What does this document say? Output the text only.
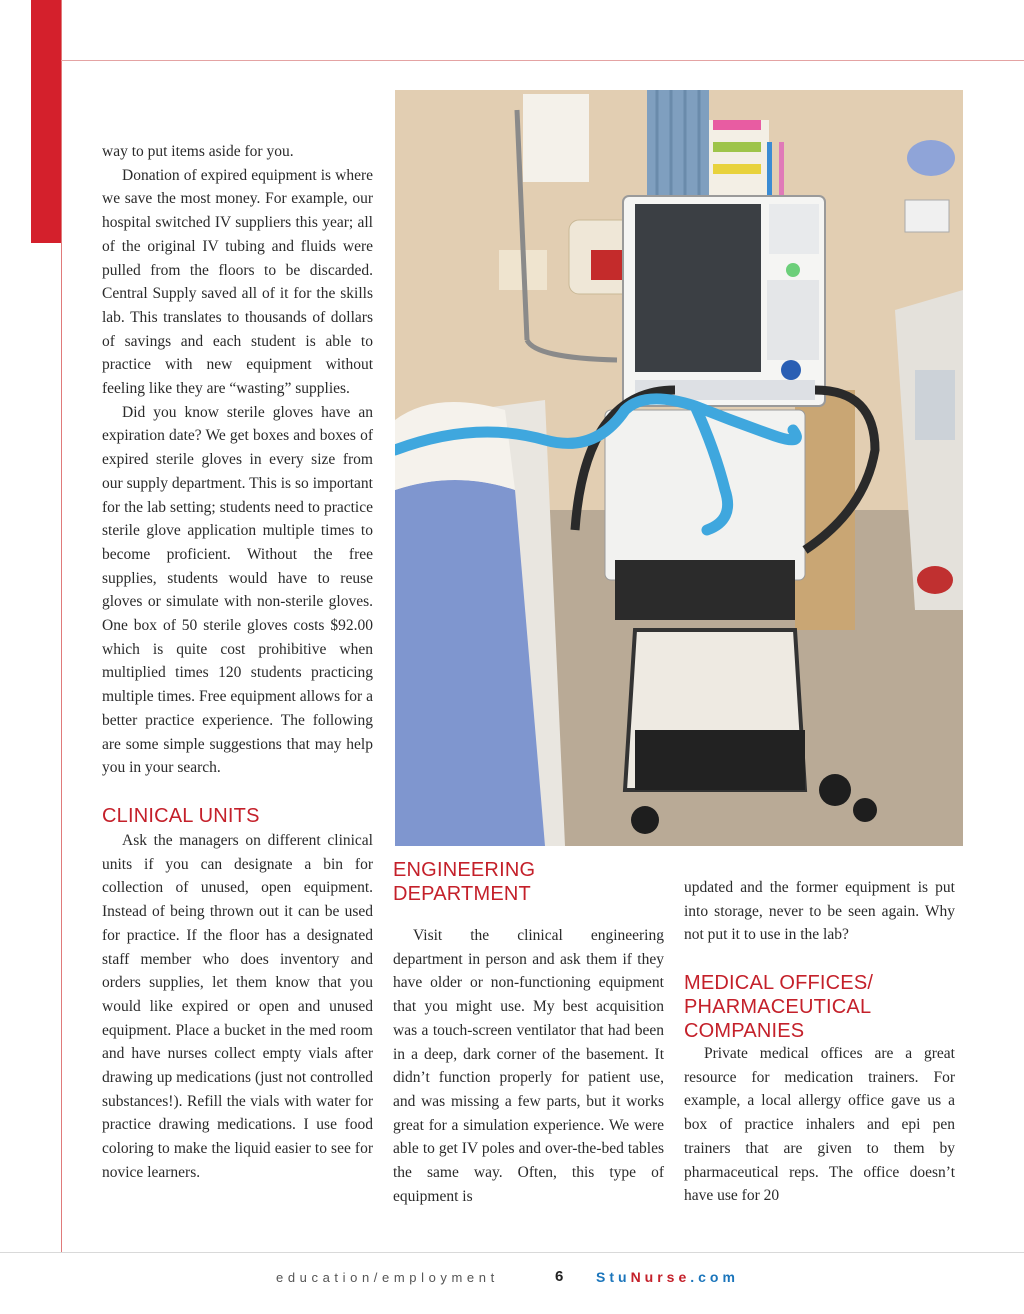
way to put items aside for you.

Donation of expired equipment is where we save the most money. For example, our hospital switched IV suppliers this year; all of the original IV tubing and fluids were pulled from the floors to be discarded. Central Supply saved all of it for the skills lab. This translates to thousands of dollars of savings and each student is able to practice with new equipment without feeling like they are “wasting” supplies.

Did you know sterile gloves have an expiration date? We get boxes and boxes of expired sterile gloves in every size from our supply department. This is so important for the lab setting; students need to practice sterile glove application multiple times to become proficient. Without the free supplies, students would have to reuse gloves or simulate with non-sterile gloves. One box of 50 sterile gloves costs $92.00 which is quite cost prohibitive when multiplied times 120 students practicing multiple times. Free equipment allows for a better practice experience. The following are some simple suggestions that may help you in your search.

CLINICAL UNITS

Ask the managers on different clinical units if you can designate a bin for collection of unused, open equipment. Instead of being thrown out it can be used for practice. If the floor has a designated staff member who does inventory and orders supplies, let them know that you would like expired or open and unused equipment. Place a bucket in the med room and have nurses collect empty vials after drawing up medications (just not controlled substances!). Refill the vials with water for practice drawing medications. I use food coloring to make the liquid easier to see for novice learners.

ENGINEERING
DEPARTMENT

Visit the clinical engineering department in person and ask them if they have older or non-functioning equipment that you might use. My best acquisition was a touch-screen ventilator that had been in a deep, dark corner of the basement. It didn’t function properly for patient use, and was missing a few parts, but it works great for a simulation experience. We were able to get IV poles and over-the-bed tables the same way. Often, this type of equipment is

updated and the former equipment is put into storage, never to be seen again. Why not put it to use in the lab?

MEDICAL OFFICES/
PHARMACEUTICAL
COMPANIES

Private medical offices are a great resource for medication trainers. For example, a local allergy office gave us a box of practice inhalers and epi pen trainers that are given to them by pharmaceutical reps. The office doesn’t have use for 20

education/employment	6 StuNurse.com
